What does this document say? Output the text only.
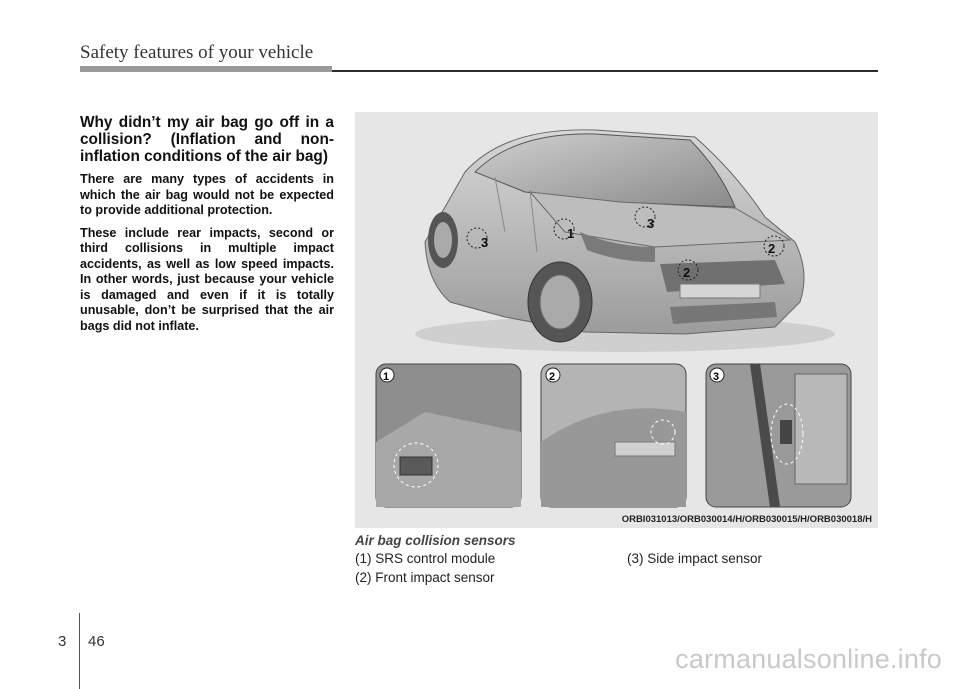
Safety features of your vehicle

Why didn’t my air bag go off in a collision? (Inflation and non-inflation conditions of the air bag)

There are many types of accidents in which the air bag would not be expected to provide additional protection.

These include rear impacts, second or third collisions in multiple impact accidents, as well as low speed impacts. In other words, just because your vehicle is damaged and even if it is totally unusable, don’t be surprised that the air bags did not inflate.

3
3
1
2
2
1	2	3
ORBI031013/ORB030014/H/ORB030015/H/ORB030018/H
Air bag collision sensors
(1) SRS control module
(2) Front impact sensor
(3) Side impact sensor
3 46
carmanualsonline.info
